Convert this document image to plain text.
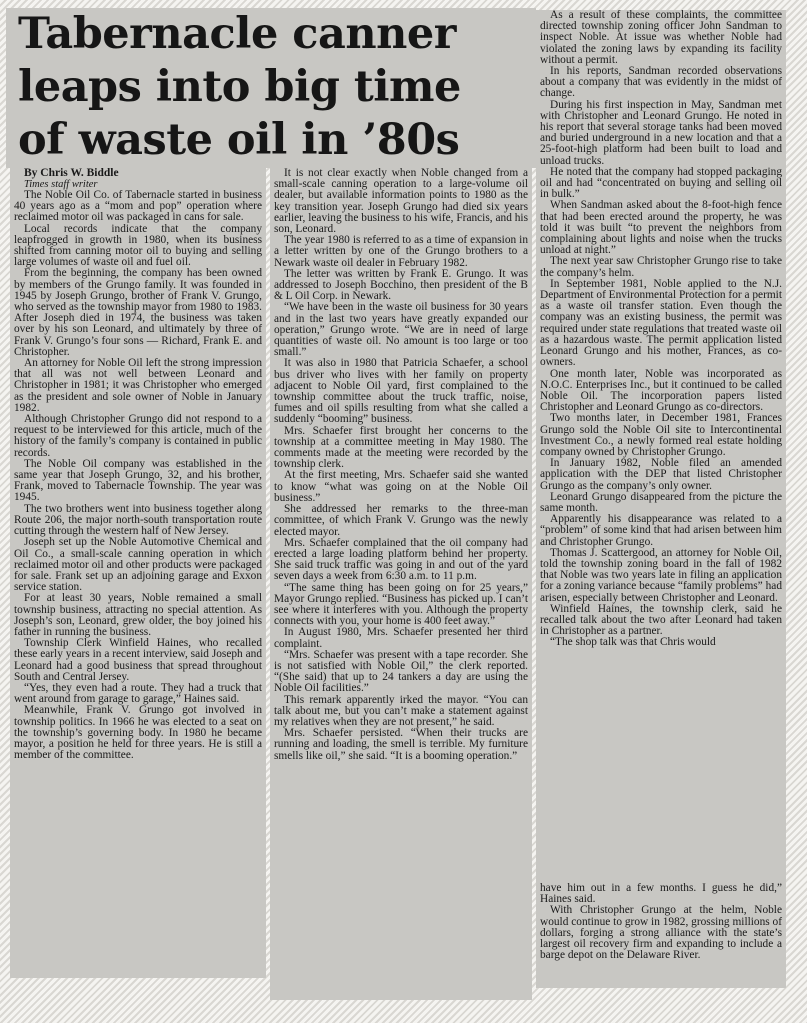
Tabernacle canner
leaps into big time
of waste oil in ’80s

By Chris W. Biddle

Times staff writer

The Noble Oil Co. of Tabernacle started in business 40 years ago as a “mom and pop” operation where reclaimed motor oil was packaged in cans for sale.

Local records indicate that the company leapfrogged in growth in 1980, when its business shifted from canning motor oil to buying and selling large volumes of waste oil and fuel oil.

From the beginning, the company has been owned by members of the Grungo family. It was founded in 1945 by Joseph Grungo, brother of Frank V. Grungo, who served as the township mayor from 1980 to 1983. After Joseph died in 1974, the business was taken over by his son Leonard, and ultimately by three of Frank V. Grungo’s four sons — Richard, Frank E. and Christopher.

An attorney for Noble Oil left the strong impression that all was not well between Leonard and Christopher in 1981; it was Christopher who emerged as the president and sole owner of Noble in January 1982.

Although Christopher Grungo did not respond to a request to be interviewed for this article, much of the history of the family’s company is contained in public records.

The Noble Oil company was established in the same year that Joseph Grungo, 32, and his brother, Frank, moved to Tabernacle Township. The year was 1945.

The two brothers went into business together along Route 206, the major north-south transportation route cutting through the western half of New Jersey.

Joseph set up the Noble Automotive Chemical and Oil Co., a small-scale canning operation in which reclaimed motor oil and other products were packaged for sale. Frank set up an adjoining garage and Exxon service station.

For at least 30 years, Noble remained a small township business, attracting no special attention. As Joseph’s son, Leonard, grew older, the boy joined his father in running the business.

Township Clerk Winfield Haines, who recalled these early years in a recent interview, said Joseph and Leonard had a good business that spread throughout South and Central Jersey.

“Yes, they even had a route. They had a truck that went around from garage to garage,” Haines said.

Meanwhile, Frank V. Grungo got involved in township politics. In 1966 he was elected to a seat on the township’s governing body. In 1980 he became mayor, a position he held for three years. He is still a member of the committee.

It is not clear exactly when Noble changed from a small-scale canning operation to a large-volume oil dealer, but available information points to 1980 as the key transition year. Joseph Grungo had died six years earlier, leaving the business to his wife, Francis, and his son, Leonard.

The year 1980 is referred to as a time of expansion in a letter written by one of the Grungo brothers to a Newark waste oil dealer in February 1982.

The letter was written by Frank E. Grungo. It was addressed to Joseph Bocchino, then president of the B & L Oil Corp. in Newark.

“We have been in the waste oil business for 30 years and in the last two years have greatly expanded our operation,” Grungo wrote. “We are in need of large quantities of waste oil. No amount is too large or too small.”

It was also in 1980 that Patricia Schaefer, a school bus driver who lives with her family on property adjacent to Noble Oil yard, first complained to the township committee about the truck traffic, noise, fumes and oil spills resulting from what she called a suddenly “booming” business.

Mrs. Schaefer first brought her concerns to the township at a committee meeting in May 1980. The comments made at the meeting were recorded by the township clerk.

At the first meeting, Mrs. Schaefer said she wanted to know “what was going on at the Noble Oil business.”

She addressed her remarks to the three-man committee, of which Frank V. Grungo was the newly elected mayor.

Mrs. Schaefer complained that the oil company had erected a large loading platform behind her property. She said truck traffic was going in and out of the yard seven days a week from 6:30 a.m. to 11 p.m.

“The same thing has been going on for 25 years,” Mayor Grungo replied. “Business has picked up. I can’t see where it interferes with you. Although the property connects with you, your home is 400 feet away.”

In August 1980, Mrs. Schaefer presented her third complaint.

“Mrs. Schaefer was present with a tape recorder. She is not satisfied with Noble Oil,” the clerk reported. “(She said) that up to 24 tankers a day are using the Noble Oil facilities.”

This remark apparently irked the mayor. “You can talk about me, but you can’t make a statement against my relatives when they are not present,” he said.

Mrs. Schaefer persisted. “When their trucks are running and loading, the smell is terrible. My furniture smells like oil,” she said. “It is a booming operation.”

As a result of these complaints, the committee directed township zoning officer John Sandman to inspect Noble. At issue was whether Noble had violated the zoning laws by expanding its facility without a permit.

In his reports, Sandman recorded observations about a company that was evidently in the midst of change.

During his first inspection in May, Sandman met with Christopher and Leonard Grungo. He noted in his report that several storage tanks had been moved and buried underground in a new location and that a 25-foot-high platform had been built to load and unload trucks.

He noted that the company had stopped packaging oil and had “concentrated on buying and selling oil in bulk.”

When Sandman asked about the 8-foot-high fence that had been erected around the property, he was told it was built “to prevent the neighbors from complaining about lights and noise when the trucks unload at night.”

The next year saw Christopher Grungo rise to take the company’s helm.

In September 1981, Noble applied to the N.J. Department of Environmental Protection for a permit as a waste oil transfer station. Even though the company was an existing business, the permit was required under state regulations that treated waste oil as a hazardous waste. The permit application listed Leonard Grungo and his mother, Frances, as co-owners.

One month later, Noble was incorporated as N.O.C. Enterprises Inc., but it continued to be called Noble Oil. The incorporation papers listed Christopher and Leonard Grungo as co-directors.

Two months later, in December 1981, Frances Grungo sold the Noble Oil site to Intercontinental Investment Co., a newly formed real estate holding company owned by Christopher Grungo.

In January 1982, Noble filed an amended application with the DEP that listed Christopher Grungo as the company’s only owner.

Leonard Grungo disappeared from the picture the same month.

Apparently his disappearance was related to a “problem” of some kind that had arisen between him and Christopher Grungo.

Thomas J. Scattergood, an attorney for Noble Oil, told the township zoning board in the fall of 1982 that Noble was two years late in filing an application for a zoning variance because “family problems” had arisen, especially between Christopher and Leonard.

Winfield Haines, the township clerk, said he recalled talk about the two after Leonard had taken in Christopher as a partner.

“The shop talk was that Chris would

have him out in a few months. I guess he did,” Haines said.

With Christopher Grungo at the helm, Noble would continue to grow in 1982, grossing millions of dollars, forging a strong alliance with the state’s largest oil recovery firm and expanding to include a barge depot on the Delaware River.
